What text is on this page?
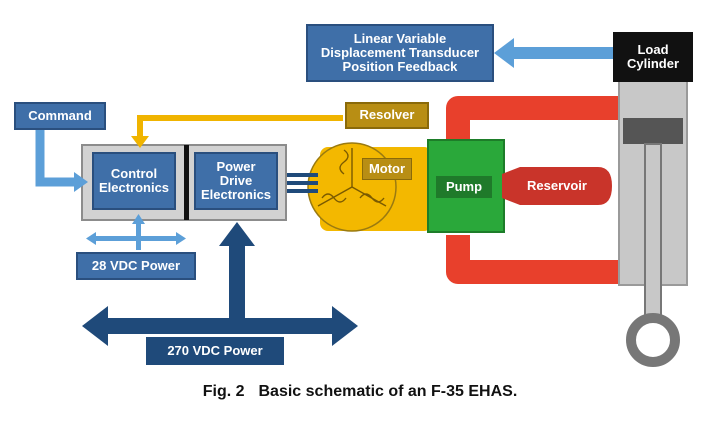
Command	Resolver
Control
Electronics
Power
Drive
Electronics
Motor
Pump	Reservoir
Linear Variable
Displacement Transducer
Position Feedback
Load
Cylinder
28 VDC Power
270 VDC Power
Fig. 2 Basic schematic of an F-35 EHAS.
